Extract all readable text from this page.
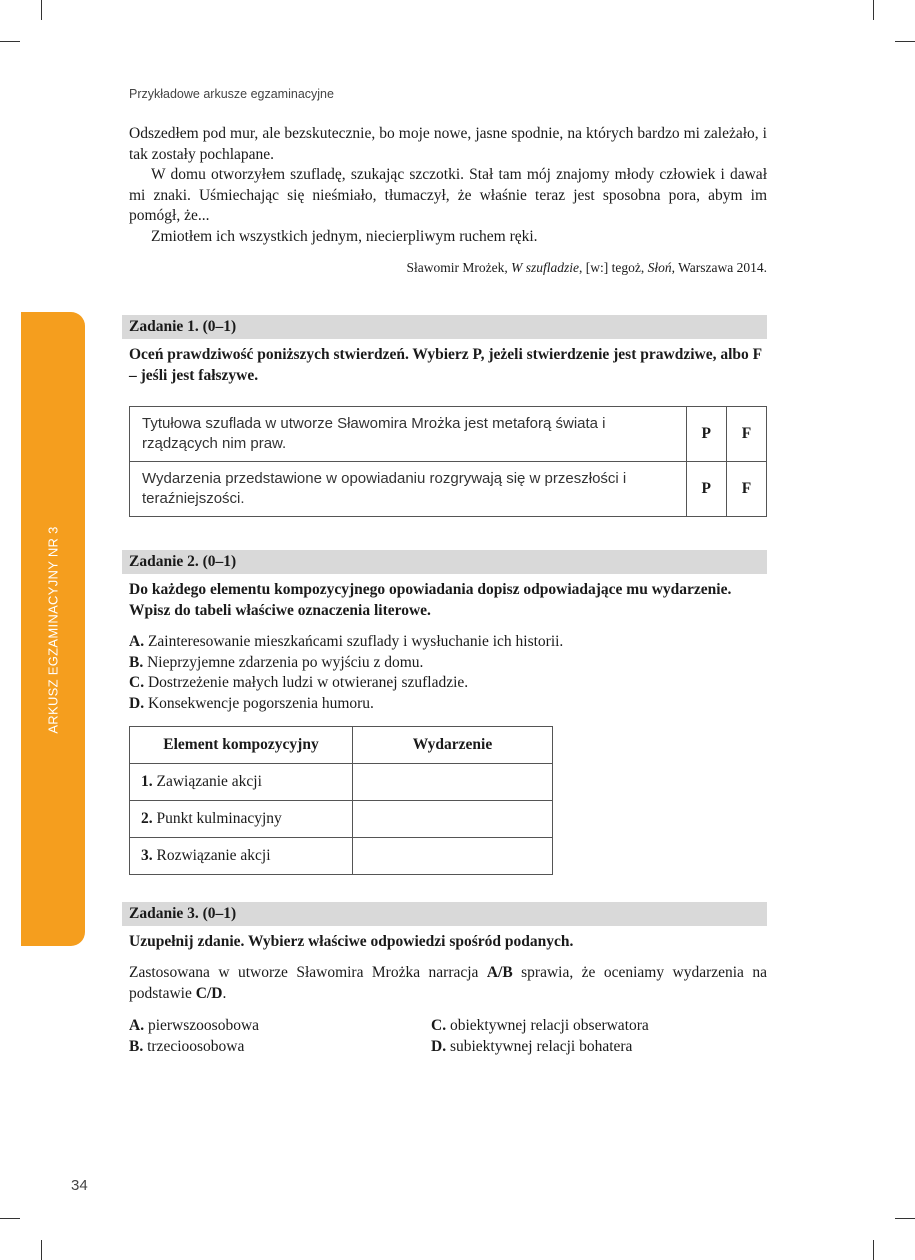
Przykładowe arkusze egzaminacyjne

Odszedłem pod mur, ale bezskutecznie, bo moje nowe, jasne spodnie, na których bardzo mi zależało, i tak zostały pochlapane.

W domu otworzyłem szufladę, szukając szczotki. Stał tam mój znajomy młody człowiek i dawał mi znaki. Uśmiechając się nieśmiało, tłumaczył, że właśnie teraz jest sposobna pora, abym im pomógł, że...

Zmiotłem ich wszystkich jednym, niecierpliwym ruchem ręki.

Sławomir Mrożek, W szufladzie, [w:] tegoż, Słoń, Warszawa 2014.
ARKUSZ EGZAMINACYJNY NR 3
Zadanie 1. (0–1)
Oceń prawdziwość poniższych stwierdzeń. Wybierz P, jeżeli stwierdzenie jest prawdziwe, albo F – jeśli jest fałszywe.
Tytułowa szuflada w utworze Sławomira Mrożka jest metaforą świata i rządzących nim praw.	P	F
Wydarzenia przedstawione w opowiadaniu rozgrywają się w przeszłości i teraźniejszości.	P	F
Zadanie 2. (0–1)
Do każdego elementu kompozycyjnego opowiadania dopisz odpowiadające mu wydarzenie. Wpisz do tabeli właściwe oznaczenia literowe.
A. Zainteresowanie mieszkańcami szuflady i wysłuchanie ich historii.
B. Nieprzyjemne zdarzenia po wyjściu z domu.
C. Dostrzeżenie małych ludzi w otwieranej szufladzie.
D. Konsekwencje pogorszenia humoru.
Element kompozycyjny	Wydarzenie
1. Zawiązanie akcji	
2. Punkt kulminacyjny	
3. Rozwiązanie akcji	
Zadanie 3. (0–1)
Uzupełnij zdanie. Wybierz właściwe odpowiedzi spośród podanych.
Zastosowana w utworze Sławomira Mrożka narracja A/B sprawia, że oceniamy wydarzenia na podstawie C/D.
A. pierwszoosobowa
B. trzecioosobowa
C. obiektywnej relacji obserwatora
D. subiektywnej relacji bohatera
34
